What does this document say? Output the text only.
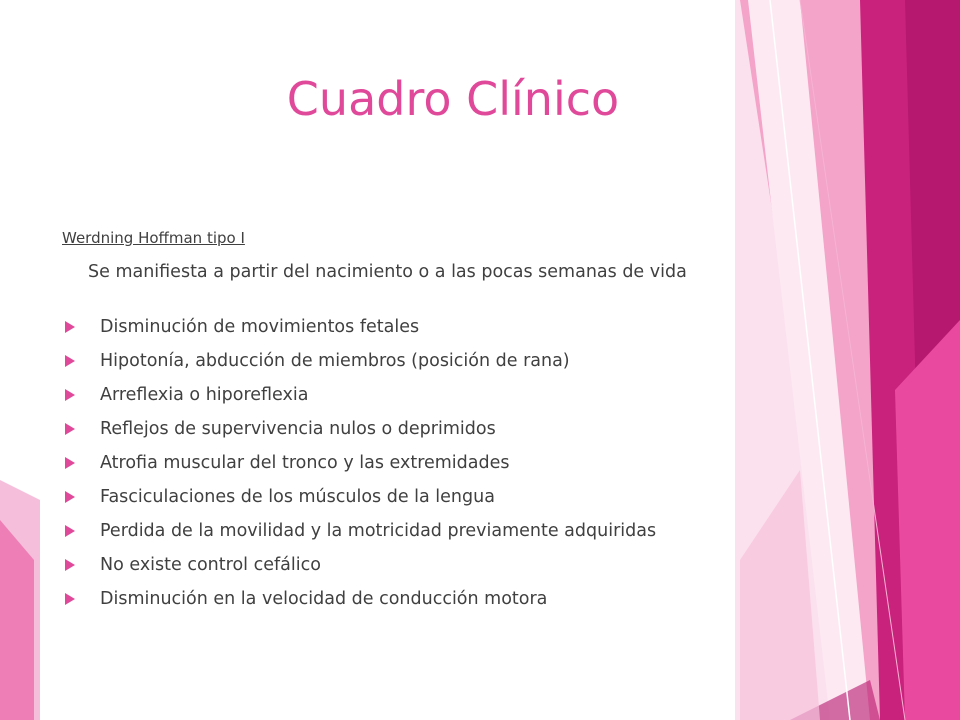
Cuadro Clínico
Werdning Hoffman tipo I
Se manifiesta a partir del nacimiento o a las pocas semanas de vida
Disminución de movimientos fetales
Hipotonía, abducción de miembros (posición de rana)
Arreflexia o hiporeflexia
Reflejos de supervivencia nulos o deprimidos
Atrofia muscular del tronco y las extremidades
Fasciculaciones de los músculos de la lengua
Perdida de la movilidad y la motricidad previamente adquiridas
No existe control cefálico
Disminución en la velocidad de conducción motora
